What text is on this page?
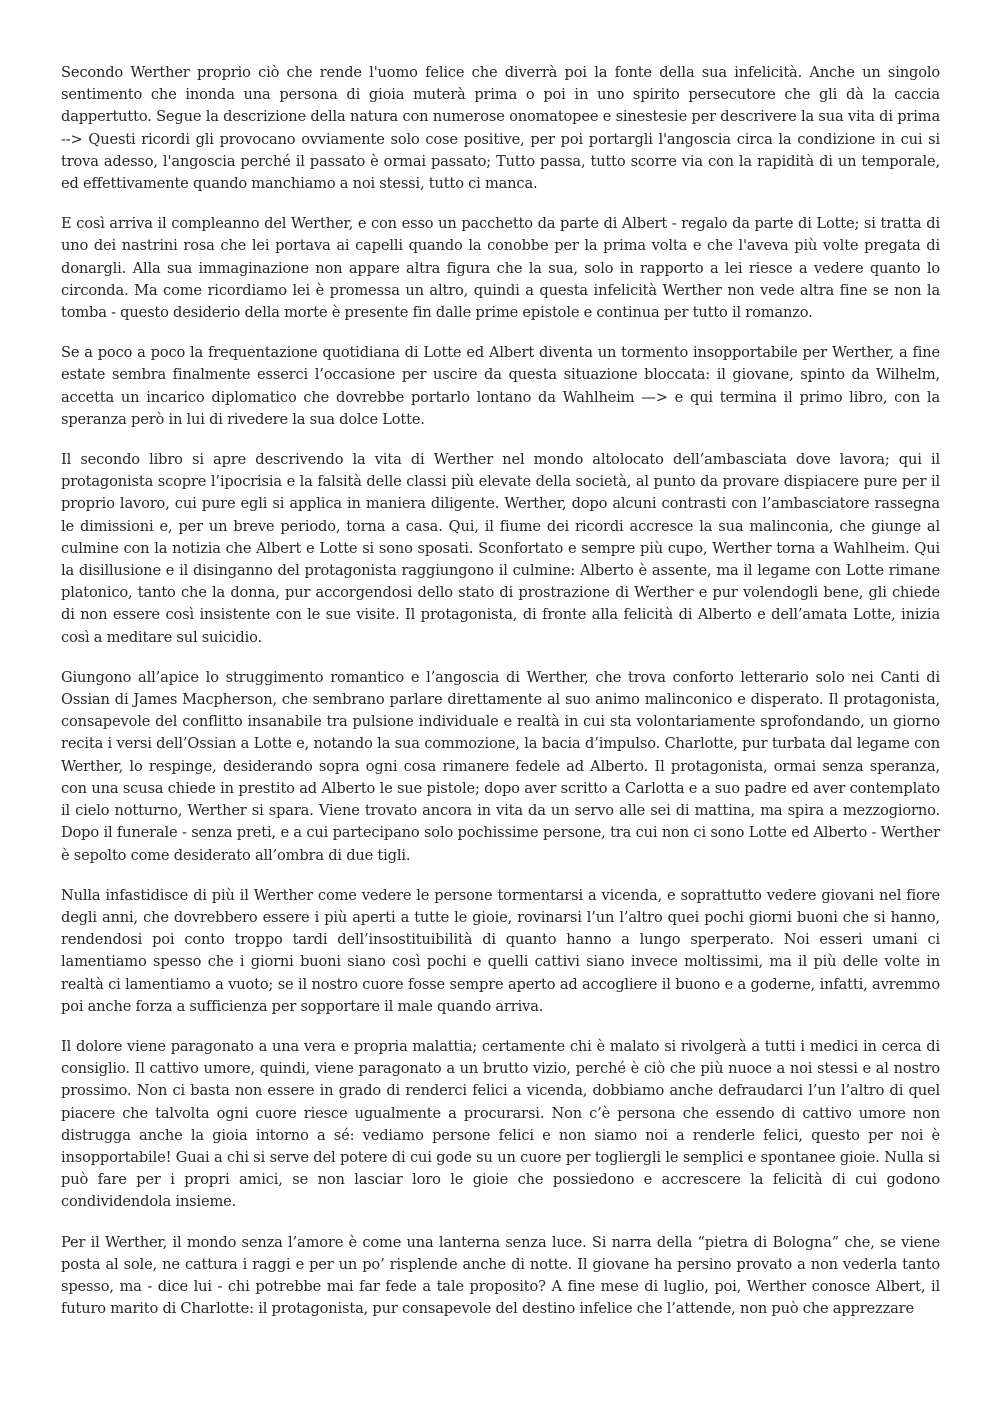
Secondo Werther proprio ciò che rende l'uomo felice che diverrà poi la fonte della sua infelicità. Anche un singolo sentimento che inonda una persona di gioia muterà prima o poi in uno spirito persecutore che gli dà la caccia dappertutto. Segue la descrizione della natura con numerose onomatopee e sinestesie per descrivere la sua vita di prima --> Questi ricordi gli provocano ovviamente solo cose positive, per poi portargli l'angoscia circa la condizione in cui si trova adesso, l'angoscia perché il passato è ormai passato; Tutto passa, tutto scorre via con la rapidità di un temporale, ed effettivamente quando manchiamo a noi stessi, tutto ci manca.

E così arriva il compleanno del Werther, e con esso un pacchetto da parte di Albert - regalo da parte di Lotte; si tratta di uno dei nastrini rosa che lei portava ai capelli quando la conobbe per la prima volta e che l'aveva più volte pregata di donargli. Alla sua immaginazione non appare altra figura che la sua, solo in rapporto a lei riesce a vedere quanto lo circonda. Ma come ricordiamo lei è promessa un altro, quindi a questa infelicità Werther non vede altra fine se non la tomba - questo desiderio della morte è presente fin dalle prime epistole e continua per tutto il romanzo.

Se a poco a poco la frequentazione quotidiana di Lotte ed Albert diventa un tormento insopportabile per Werther, a fine estate sembra finalmente esserci l’occasione per uscire da questa situazione bloccata: il giovane, spinto da Wilhelm, accetta un incarico diplomatico che dovrebbe portarlo lontano da Wahlheim —> e qui termina il primo libro, con la speranza però in lui di rivedere la sua dolce Lotte.

Il secondo libro si apre descrivendo la vita di Werther nel mondo altolocato dell’ambasciata dove lavora; qui il protagonista scopre l’ipocrisia e la falsità delle classi più elevate della società, al punto da provare dispiacere pure per il proprio lavoro, cui pure egli si applica in maniera diligente. Werther, dopo alcuni contrasti con l’ambasciatore rassegna le dimissioni e, per un breve periodo, torna a casa. Qui, il fiume dei ricordi accresce la sua malinconia, che giunge al culmine con la notizia che Albert e Lotte si sono sposati. Sconfortato e sempre più cupo, Werther torna a Wahlheim. Qui la disillusione e il disinganno del protagonista raggiungono il culmine: Alberto è assente, ma il legame con Lotte rimane platonico, tanto che la donna, pur accorgendosi dello stato di prostrazione di Werther e pur volendogli bene, gli chiede di non essere così insistente con le sue visite. Il protagonista, di fronte alla felicità di Alberto e dell’amata Lotte, inizia così a meditare sul suicidio.

Giungono all’apice lo struggimento romantico e l’angoscia di Werther, che trova conforto letterario solo nei Canti di Ossian di James Macpherson, che sembrano parlare direttamente al suo animo malinconico e disperato. Il protagonista, consapevole del conflitto insanabile tra pulsione individuale e realtà in cui sta volontariamente sprofondando, un giorno recita i versi dell’Ossian a Lotte e, notando la sua commozione, la bacia d’impulso. Charlotte, pur turbata dal legame con Werther, lo respinge, desiderando sopra ogni cosa rimanere fedele ad Alberto. Il protagonista, ormai senza speranza, con una scusa chiede in prestito ad Alberto le sue pistole; dopo aver scritto a Carlotta e a suo padre ed aver contemplato il cielo notturno, Werther si spara. Viene trovato ancora in vita da un servo alle sei di mattina, ma spira a mezzogiorno. Dopo il funerale - senza preti, e a cui partecipano solo pochissime persone, tra cui non ci sono Lotte ed Alberto - Werther è sepolto come desiderato all’ombra di due tigli.

Nulla infastidisce di più il Werther come vedere le persone tormentarsi a vicenda, e soprattutto vedere giovani nel fiore degli anni, che dovrebbero essere i più aperti a tutte le gioie, rovinarsi l’un l’altro quei pochi giorni buoni che si hanno, rendendosi poi conto troppo tardi dell’insostituibilità di quanto hanno a lungo sperperato. Noi esseri umani ci lamentiamo spesso che i giorni buoni siano così pochi e quelli cattivi siano invece moltissimi, ma il più delle volte in realtà ci lamentiamo a vuoto; se il nostro cuore fosse sempre aperto ad accogliere il buono e a goderne, infatti, avremmo poi anche forza a sufficienza per sopportare il male quando arriva.

Il dolore viene paragonato a una vera e propria malattia; certamente chi è malato si rivolgerà a tutti i medici in cerca di consiglio. Il cattivo umore, quindi, viene paragonato a un brutto vizio, perché è ciò che più nuoce a noi stessi e al nostro prossimo. Non ci basta non essere in grado di renderci felici a vicenda, dobbiamo anche defraudarci l’un l’altro di quel piacere che talvolta ogni cuore riesce ugualmente a procurarsi. Non c’è persona che essendo di cattivo umore non distrugga anche la gioia intorno a sé: vediamo persone felici e non siamo noi a renderle felici, questo per noi è insopportabile! Guai a chi si serve del potere di cui gode su un cuore per togliergli le semplici e spontanee gioie. Nulla si può fare per i propri amici, se non lasciar loro le gioie che possiedono e accrescere la felicità di cui godono condividendola insieme.

Per il Werther, il mondo senza l’amore è come una lanterna senza luce. Si narra della “pietra di Bologna” che, se viene posta al sole, ne cattura i raggi e per un po’ risplende anche di notte. Il giovane ha persino provato a non vederla tanto spesso, ma - dice lui - chi potrebbe mai far fede a tale proposito? A fine mese di luglio, poi, Werther conosce Albert, il futuro marito di Charlotte: il protagonista, pur consapevole del destino infelice che l’attende, non può che apprezzare
